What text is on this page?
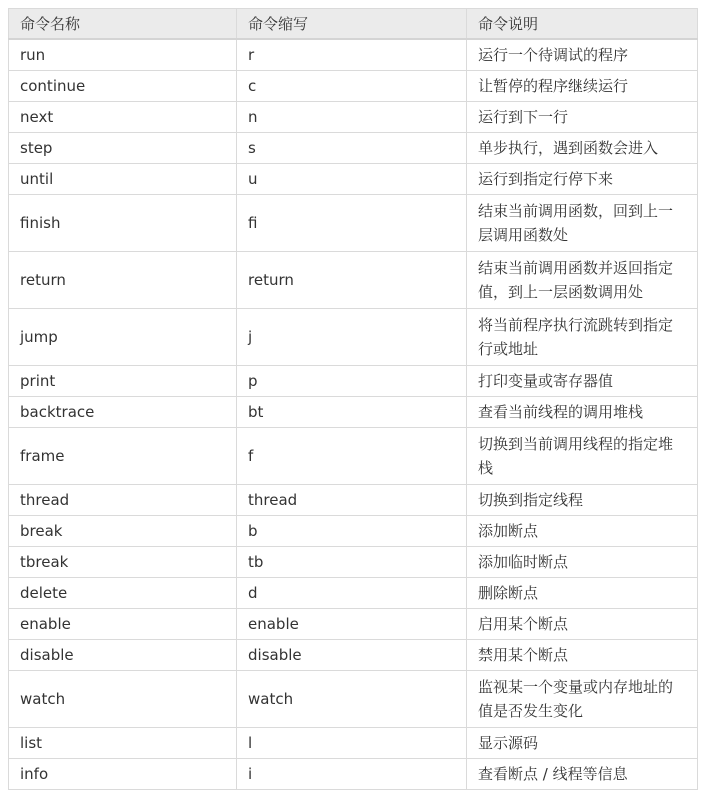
命令名称	命令缩写	命令说明
run	r	运行一个待调试的程序
continue	c	让暂停的程序继续运行
next	n	运行到下一行
step	s	单步执行，遇到函数会进入
until	u	运行到指定行停下来
finish	fi	结束当前调用函数，回到上一层调用函数处
return	return	结束当前调用函数并返回指定值，到上一层函数调用处
jump	j	将当前程序执行流跳转到指定行或地址
print	p	打印变量或寄存器值
backtrace	bt	查看当前线程的调用堆栈
frame	f	切换到当前调用线程的指定堆栈
thread	thread	切换到指定线程
break	b	添加断点
tbreak	tb	添加临时断点
delete	d	删除断点
enable	enable	启用某个断点
disable	disable	禁用某个断点
watch	watch	监视某一个变量或内存地址的值是否发生变化
list	l	显示源码
info	i	查看断点 / 线程等信息
